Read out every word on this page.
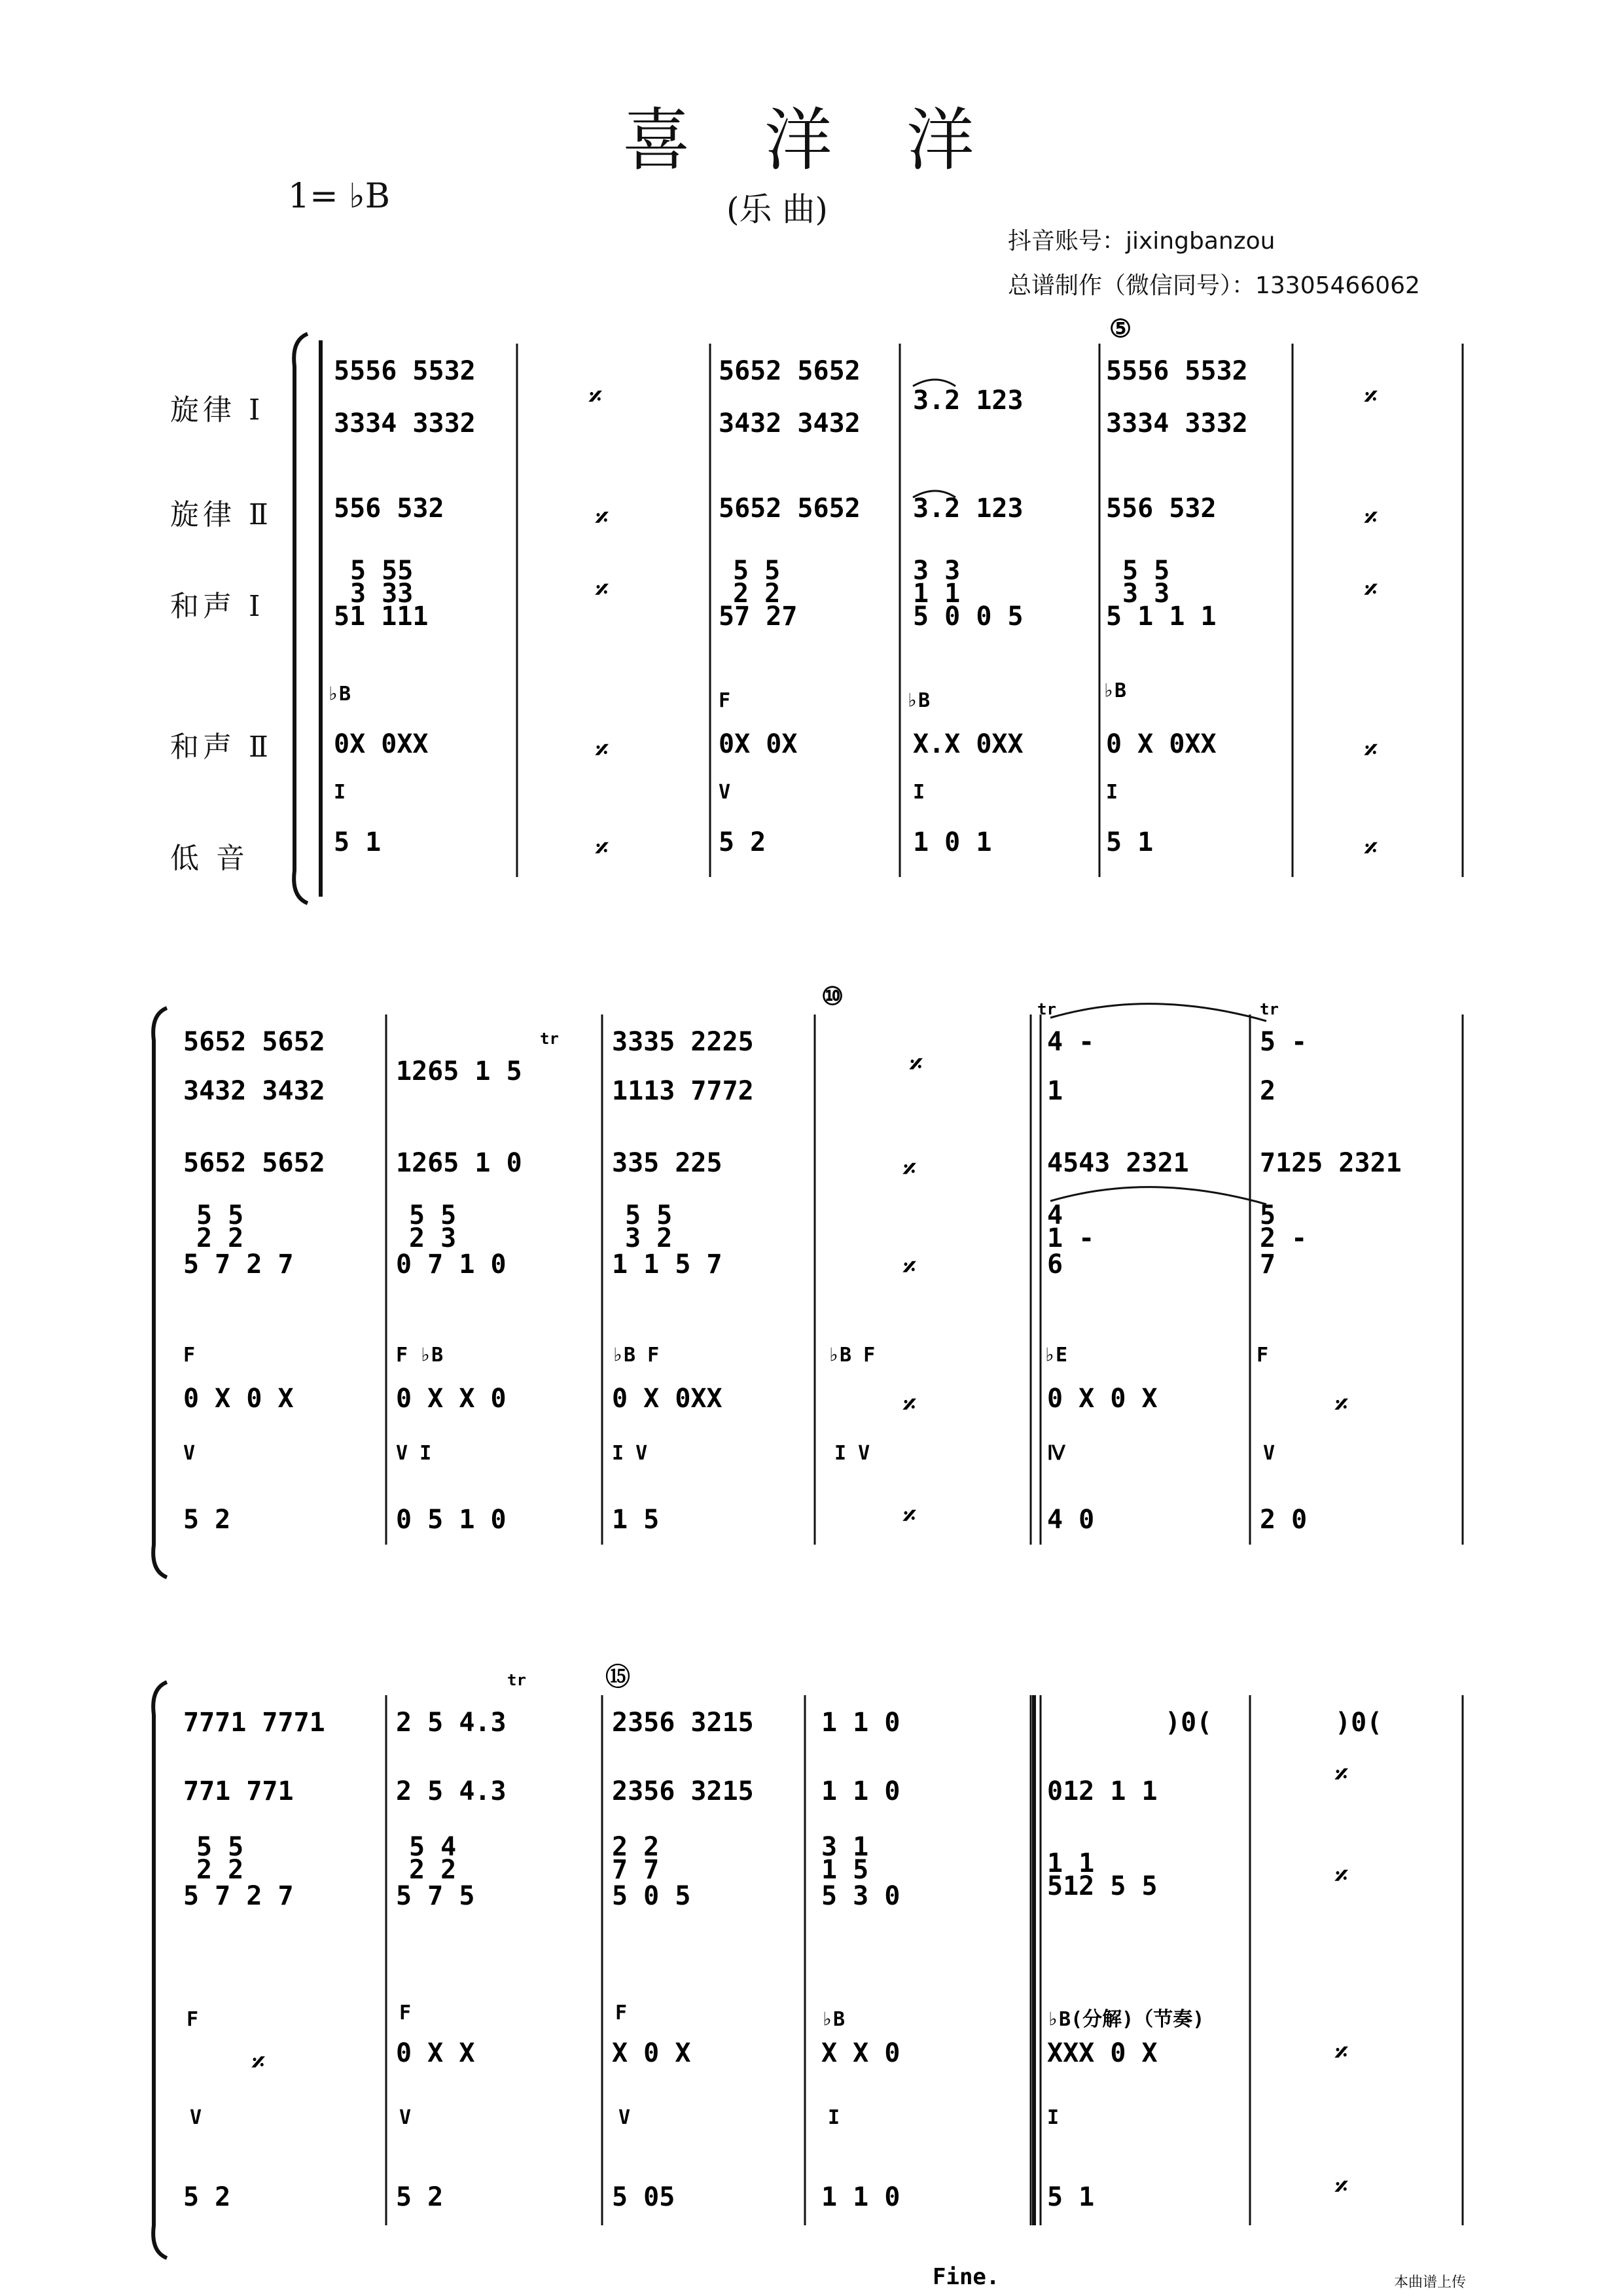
喜 洋 洋
1= ♭B	(乐 曲)
抖音账号：jixingbanzou
总谱制作（微信同号）：13305466062
旋律 Ⅰ
旋律 Ⅱ
和声 Ⅰ
和声 Ⅱ
低 音
⑤
⑩
⑮
Fine.
5556 5532
3334 3332
5652 5652
3432 3432
3.2 123
5556 5532
3334 3332
556 532	5652 5652 3.2 123	556 532
5 55
3 33
51 111
5 5
2 2
57 27
3 3
1 1
5 0 0 5
5 5
3 3
5 1 1 1
0X 0XX	0X 0X	X.X 0XX	0 X 0XX
5 1	5 2	1 0 1	5 1
♭B	F	♭B	♭B
I	V	I	I
𝄎
𝄎
𝄎
𝄎
𝄎
𝄎
𝄎
𝄎
𝄎
𝄎
5652 5652
3432 3432
1265 1 5
3335 2225
1113 7772
4 -
1
5 -
2
5652 5652	1265 1 0	335 225	4543 2321	7125 2321
5 5
2 2
5 7 2 7
5 5
2 3
0 7 1 0
5 5
3 2
1 1 5 7
4
1 -
6
5
2 -
7
0 X 0 X	0 X X 0	0 X 0XX	0 X 0 X
5 2	0 5 1 0	1 5	4 0	2 0
F	F ♭B	♭B F	♭B F	♭E	F
V	V I	I V	I V	Ⅳ	V
𝄎
𝄎
𝄎
𝄎
𝄎
𝄎
7771 7771	2 5 4.3	2356 3215	1 1 0	)0(	)0(
771 771	2 5 4.3	2356 3215	1 1 0	012 1 1
5 5
2 2
5 7 2 7
5 4
2 2
5 7 5
2 2
7 7
5 0 5
3 1
1 5
5 3 0
1 1
512 5 5
0 X X	X 0 X	X X 0	XXX 0 X
5 2	5 2	5 05	1 1 0	5 1
F	F	F	♭B	♭B(分解)（节奏)
V	V	V	I	I
𝄎
𝄎
𝄎
𝄎
𝄎
tr
tr	tr
tr
本曲谱上传
